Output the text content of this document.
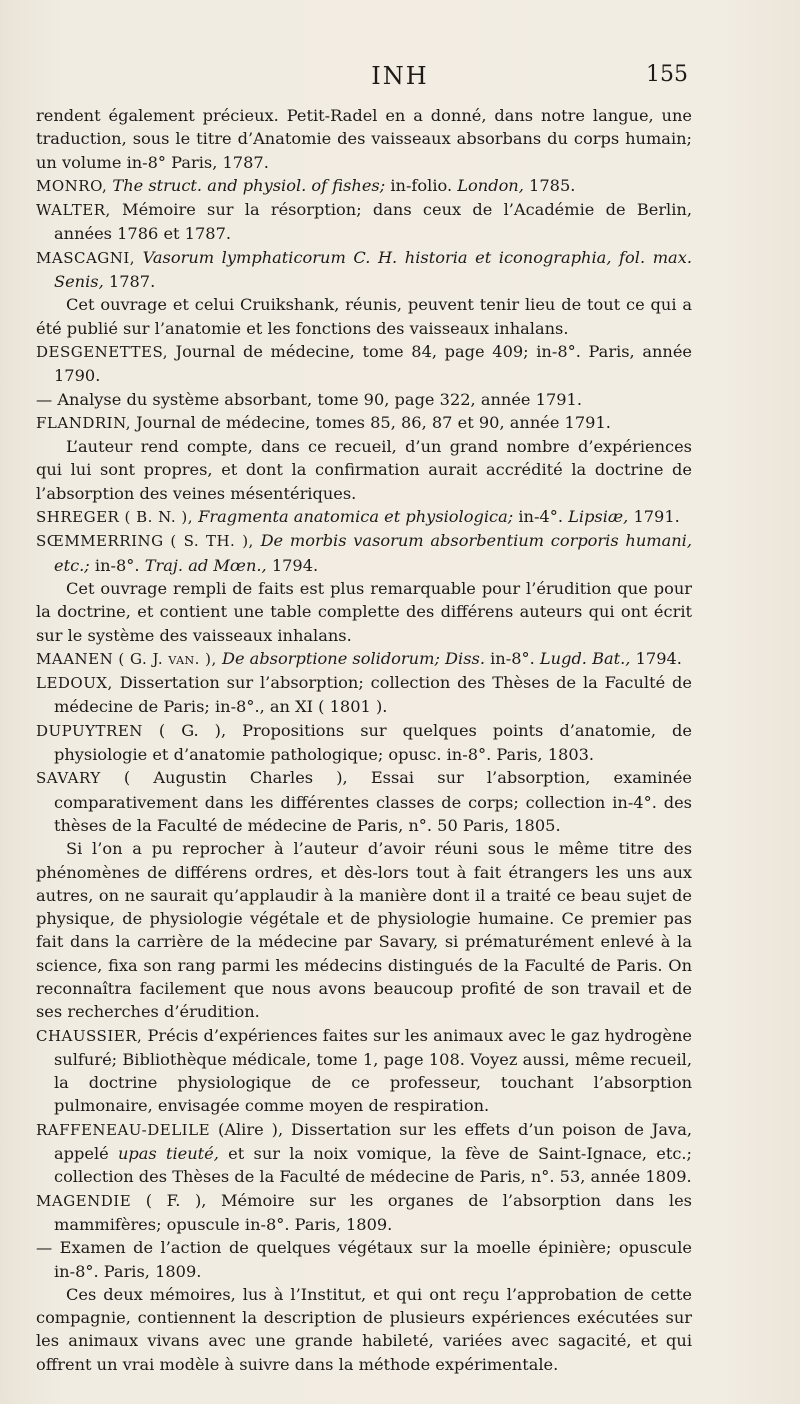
INH	155

rendent également précieux. Petit-Radel en a donné, dans notre langue, une traduction, sous le titre d’Anatomie des vaisseaux absorbans du corps humain; un volume in-8° Paris, 1787.

MONRO, The struct. and physiol. of fishes; in-folio. London, 1785.

WALTER, Mémoire sur la résorption; dans ceux de l’Académie de Berlin, années 1786 et 1787.

MASCAGNI, Vasorum lymphaticorum C. H. historia et iconographia, fol. max. Senis, 1787.

Cet ouvrage et celui Cruikshank, réunis, peuvent tenir lieu de tout ce qui a été publié sur l’anatomie et les fonctions des vaisseaux inhalans.

DESGENETTES, Journal de médecine, tome 84, page 409; in-8°. Paris, année 1790.

— Analyse du système absorbant, tome 90, page 322, année 1791.

FLANDRIN, Journal de médecine, tomes 85, 86, 87 et 90, année 1791.

L’auteur rend compte, dans ce recueil, d’un grand nombre d’expériences qui lui sont propres, et dont la confirmation aurait accrédité la doctrine de l’absorption des veines mésentériques.

SHREGER ( B. N. ), Fragmenta anatomica et physiologica; in-4°. Lipsiæ, 1791.

SŒMMERRING ( S. TH. ), De morbis vasorum absorbentium corporis humani, etc.; in-8°. Traj. ad Mœn., 1794.

Cet ouvrage rempli de faits est plus remarquable pour l’érudition que pour la doctrine, et contient une table complette des différens auteurs qui ont écrit sur le système des vaisseaux inhalans.

MAANEN ( G. J. van. ), De absorptione solidorum; Diss. in-8°. Lugd. Bat., 1794.

LEDOUX, Dissertation sur l’absorption; collection des Thèses de la Faculté de médecine de Paris; in-8°., an XI ( 1801 ).

DUPUYTREN ( G. ), Propositions sur quelques points d’anatomie, de physiologie et d’anatomie pathologique; opusc. in-8°. Paris, 1803.

SAVARY ( Augustin Charles ), Essai sur l’absorption, examinée comparativement dans les différentes classes de corps; collection in-4°. des thèses de la Faculté de médecine de Paris, n°. 50 Paris, 1805.

Si l’on a pu reprocher à l’auteur d’avoir réuni sous le même titre des phénomènes de différens ordres, et dès-lors tout à fait étrangers les uns aux autres, on ne saurait qu’applaudir à la manière dont il a traité ce beau sujet de physique, de physiologie végétale et de physiologie humaine. Ce premier pas fait dans la carrière de la médecine par Savary, si prématurément enlevé à la science, fixa son rang parmi les médecins distingués de la Faculté de Paris. On reconnaîtra facilement que nous avons beaucoup profité de son travail et de ses recherches d’érudition.

CHAUSSIER, Précis d’expériences faites sur les animaux avec le gaz hydrogène sulfuré; Bibliothèque médicale, tome 1, page 108. Voyez aussi, même recueil, la doctrine physiologique de ce professeur, touchant l’absorption pulmonaire, envisagée comme moyen de respiration.

RAFFENEAU-DELILE (Alire ), Dissertation sur les effets d’un poison de Java, appelé upas tieuté, et sur la noix vomique, la fève de Saint-Ignace, etc.; collection des Thèses de la Faculté de médecine de Paris, n°. 53, année 1809.

MAGENDIE ( F. ), Mémoire sur les organes de l’absorption dans les mammifères; opuscule in-8°. Paris, 1809.

— Examen de l’action de quelques végétaux sur la moelle épinière; opuscule in-8°. Paris, 1809.

Ces deux mémoires, lus à l’Institut, et qui ont reçu l’approbation de cette compagnie, contiennent la description de plusieurs expériences exécutées sur les animaux vivans avec une grande habileté, variées avec sagacité, et qui offrent un vrai modèle à suivre dans la méthode expérimentale.
